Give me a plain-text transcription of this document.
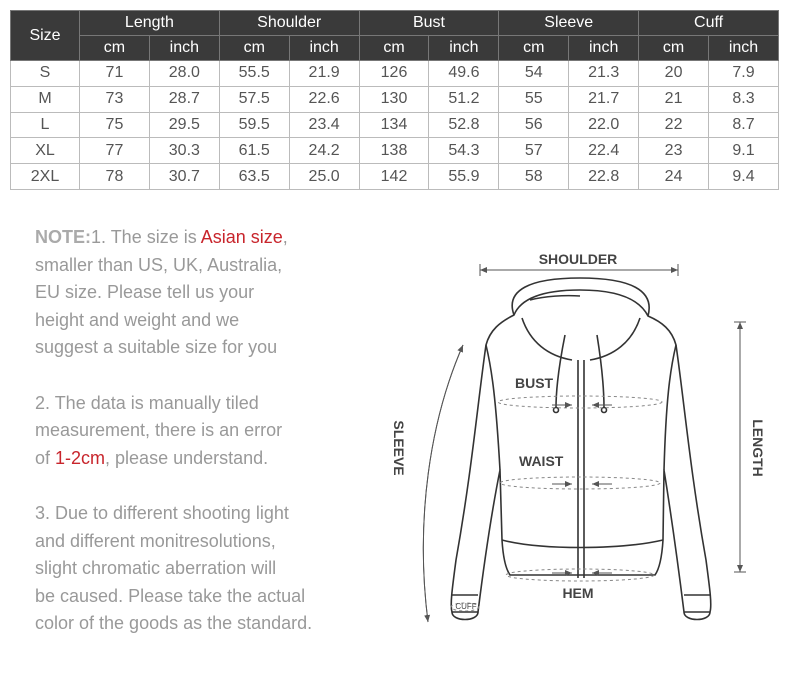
Size	Length		Shoulder		Bust		Sleeve		Cuff	
	cm	inch	cm	inch	cm	inch	cm	inch	cm	inch
S	71	28.0	55.5	21.9	126	49.6	54	21.3	20	7.9
M	73	28.7	57.5	22.6	130	51.2	55	21.7	21	8.3
L	75	29.5	59.5	23.4	134	52.8	56	22.0	22	8.7
XL	77	30.3	61.5	24.2	138	54.3	57	22.4	23	9.1
2XL	78	30.7	63.5	25.0	142	55.9	58	22.8	24	9.4

NOTE:1. The size is Asian size,
smaller than US, UK, Australia,
EU size. Please tell us your
height and weight and we
suggest a suitable size for you

2. The data is manually tiled
measurement, there is an error
of 1-2cm, please understand.

3. Due to different shooting light
and different monitresolutions,
slight chromatic aberration will
be caused. Please take the actual
color of the goods as the standard.

SHOULDER
BUST
WAIST
HEM
SLEEVE	LENGTH
CUFF
